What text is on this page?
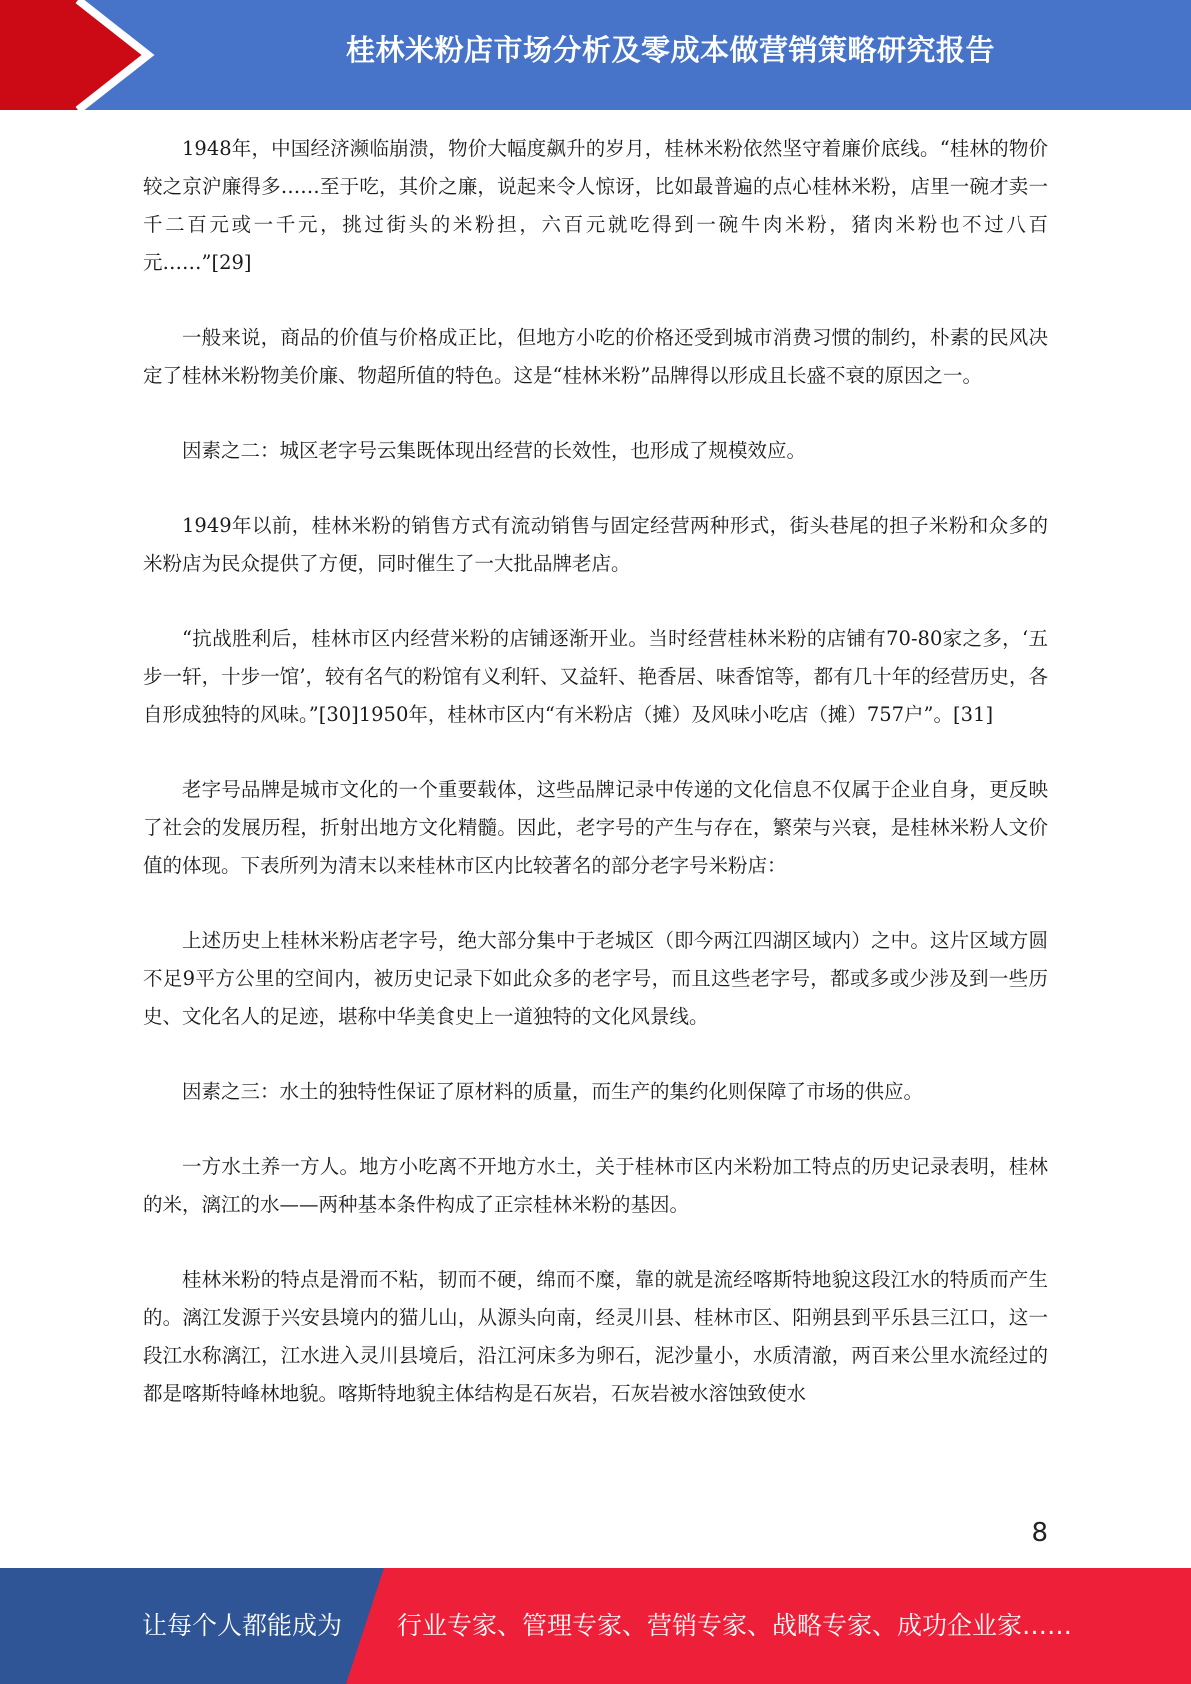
桂林米粉店市场分析及零成本做营销策略研究报告

1948年，中国经济濒临崩溃，物价大幅度飙升的岁月，桂林米粉依然坚守着廉价底线。“桂林的物价较之京沪廉得多……至于吃，其价之廉，说起来令人惊讶，比如最普遍的点心桂林米粉，店里一碗才卖一千二百元或一千元，挑过街头的米粉担，六百元就吃得到一碗牛肉米粉，猪肉米粉也不过八百元……”[29]

一般来说，商品的价值与价格成正比，但地方小吃的价格还受到城市消费习惯的制约，朴素的民风决定了桂林米粉物美价廉、物超所值的特色。这是“桂林米粉”品牌得以形成且长盛不衰的原因之一。

因素之二：城区老字号云集既体现出经营的长效性，也形成了规模效应。

1949年以前，桂林米粉的销售方式有流动销售与固定经营两种形式，街头巷尾的担子米粉和众多的米粉店为民众提供了方便，同时催生了一大批品牌老店。

“抗战胜利后，桂林市区内经营米粉的店铺逐渐开业。当时经营桂林米粉的店铺有70-80家之多，‘五步一轩，十步一馆’，较有名气的粉馆有义利轩、又益轩、艳香居、味香馆等，都有几十年的经营历史，各自形成独特的风味。”[30]1950年，桂林市区内“有米粉店（摊）及风味小吃店（摊）757户”。[31]

老字号品牌是城市文化的一个重要载体，这些品牌记录中传递的文化信息不仅属于企业自身，更反映了社会的发展历程，折射出地方文化精髓。因此，老字号的产生与存在，繁荣与兴衰，是桂林米粉人文价值的体现。下表所列为清末以来桂林市区内比较著名的部分老字号米粉店：

上述历史上桂林米粉店老字号，绝大部分集中于老城区（即今两江四湖区域内）之中。这片区域方圆不足9平方公里的空间内，被历史记录下如此众多的老字号，而且这些老字号，都或多或少涉及到一些历史、文化名人的足迹，堪称中华美食史上一道独特的文化风景线。

因素之三：水土的独特性保证了原材料的质量，而生产的集约化则保障了市场的供应。

一方水土养一方人。地方小吃离不开地方水土，关于桂林市区内米粉加工特点的历史记录表明，桂林的米，漓江的水——两种基本条件构成了正宗桂林米粉的基因。

桂林米粉的特点是滑而不粘，韧而不硬，绵而不糜，靠的就是流经喀斯特地貌这段江水的特质而产生的。漓江发源于兴安县境内的猫儿山，从源头向南，经灵川县、桂林市区、阳朔县到平乐县三江口，这一段江水称漓江，江水进入灵川县境后，沿江河床多为卵石，泥沙量小，水质清澈，两百来公里水流经过的都是喀斯特峰林地貌。喀斯特地貌主体结构是石灰岩，石灰岩被水溶蚀致使水

8
让每个人都能成为 行业专家、管理专家、营销专家、战略专家、成功企业家……
